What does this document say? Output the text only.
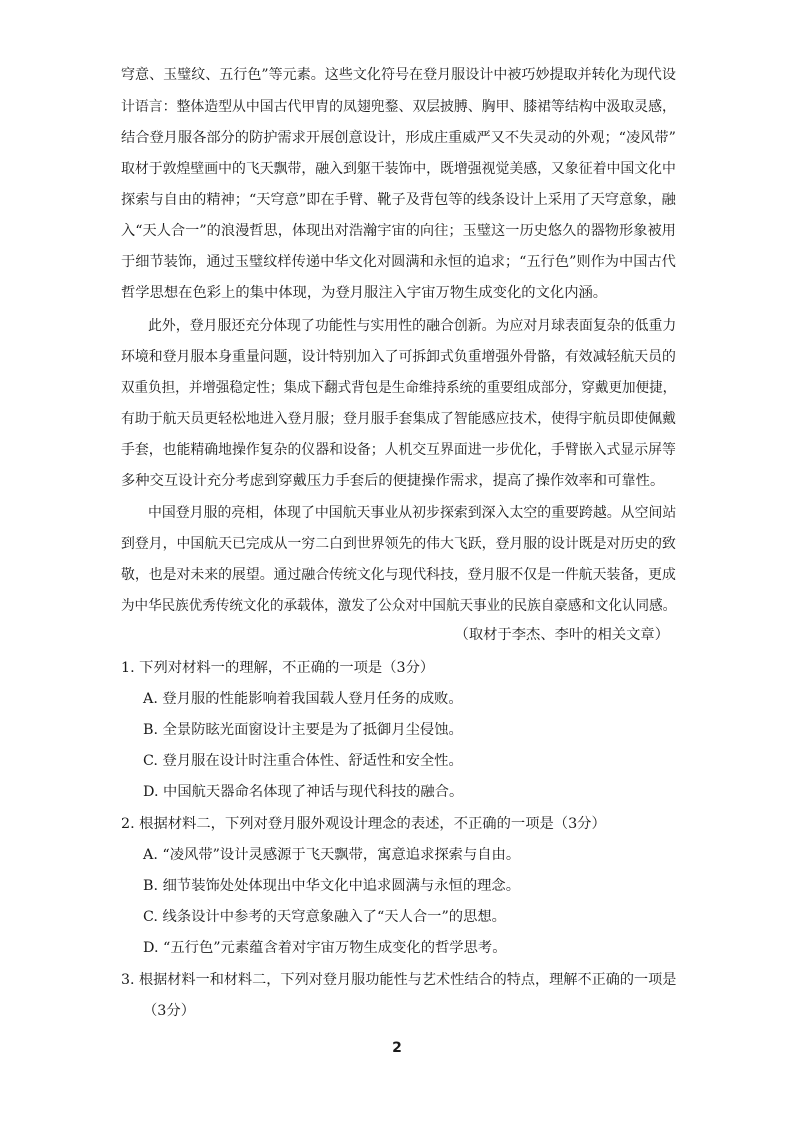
穹意、玉璧纹、五行色”等元素。这些文化符号在登月服设计中被巧妙提取并转化为现代设
计语言：整体造型从中国古代甲胄的凤翅兜鍪、双层披膊、胸甲、膝裙等结构中汲取灵感，
结合登月服各部分的防护需求开展创意设计，形成庄重威严又不失灵动的外观；“凌风带”
取材于敦煌壁画中的飞天飘带，融入到躯干装饰中，既增强视觉美感，又象征着中国文化中
探索与自由的精神；“天穹意”即在手臂、靴子及背包等的线条设计上采用了天穹意象，融
入“天人合一”的浪漫哲思，体现出对浩瀚宇宙的向往；玉璧这一历史悠久的器物形象被用
于细节装饰，通过玉璧纹样传递中华文化对圆满和永恒的追求；“五行色”则作为中国古代
哲学思想在色彩上的集中体现，为登月服注入宇宙万物生成变化的文化内涵。
此外，登月服还充分体现了功能性与实用性的融合创新。为应对月球表面复杂的低重力
环境和登月服本身重量问题，设计特别加入了可拆卸式负重增强外骨骼，有效减轻航天员的
双重负担，并增强稳定性；集成下翻式背包是生命维持系统的重要组成部分，穿戴更加便捷，
有助于航天员更轻松地进入登月服；登月服手套集成了智能感应技术，使得宇航员即使佩戴
手套，也能精确地操作复杂的仪器和设备；人机交互界面进一步优化，手臂嵌入式显示屏等
多种交互设计充分考虑到穿戴压力手套后的便捷操作需求，提高了操作效率和可靠性。
中国登月服的亮相，体现了中国航天事业从初步探索到深入太空的重要跨越。从空间站
到登月，中国航天已完成从一穷二白到世界领先的伟大飞跃，登月服的设计既是对历史的致
敬，也是对未来的展望。通过融合传统文化与现代科技，登月服不仅是一件航天装备，更成
为中华民族优秀传统文化的承载体，激发了公众对中国航天事业的民族自豪感和文化认同感。
（取材于李杰、李叶的相关文章）
1. 下列对材料一的理解，不正确的一项是（3分）
A. 登月服的性能影响着我国载人登月任务的成败。
B. 全景防眩光面窗设计主要是为了抵御月尘侵蚀。
C. 登月服在设计时注重合体性、舒适性和安全性。
D. 中国航天器命名体现了神话与现代科技的融合。
2. 根据材料二，下列对登月服外观设计理念的表述，不正确的一项是（3分）
A. “凌风带”设计灵感源于飞天飘带，寓意追求探索与自由。
B. 细节装饰处处体现出中华文化中追求圆满与永恒的理念。
C. 线条设计中参考的天穹意象融入了“天人合一”的思想。
D. “五行色”元素蕴含着对宇宙万物生成变化的哲学思考。
3. 根据材料一和材料二，下列对登月服功能性与艺术性结合的特点，理解不正确的一项是
（3分）
2
